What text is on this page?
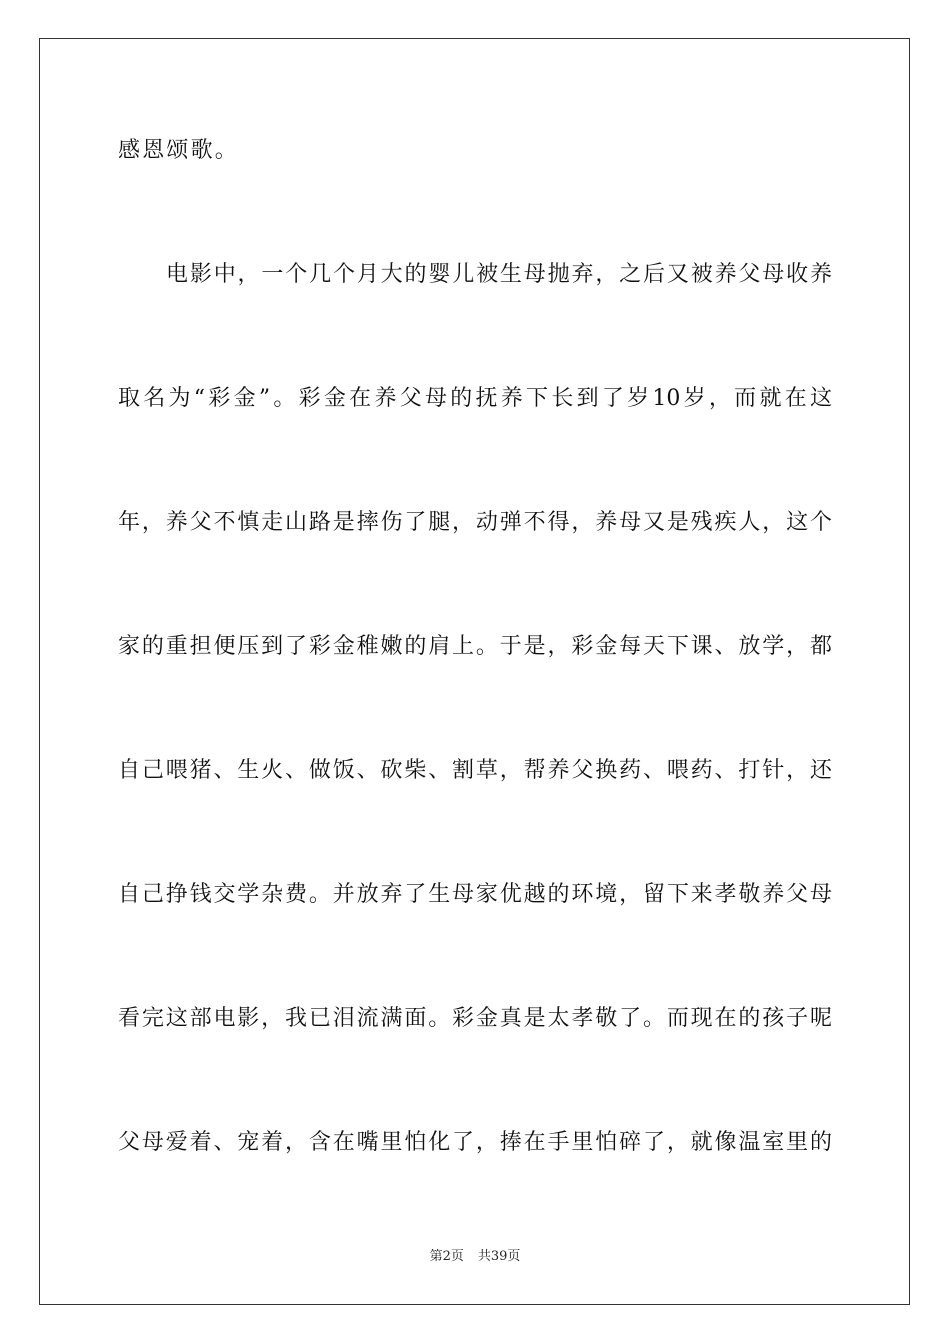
感恩颂歌。
电影中，一个几个月大的婴儿被生母抛弃，之后又被养父母收养
取名为“彩金”。彩金在养父母的抚养下长到了岁10岁，而就在这
年，养父不慎走山路是摔伤了腿，动弹不得，养母又是残疾人，这个
家的重担便压到了彩金稚嫩的肩上。于是，彩金每天下课、放学，都
自己喂猪、生火、做饭、砍柴、割草，帮养父换药、喂药、打针，还
自己挣钱交学杂费。并放弃了生母家优越的环境，留下来孝敬养父母
看完这部电影，我已泪流满面。彩金真是太孝敬了。而现在的孩子呢
父母爱着、宠着，含在嘴里怕化了，捧在手里怕碎了，就像温室里的
第2页 共39页
